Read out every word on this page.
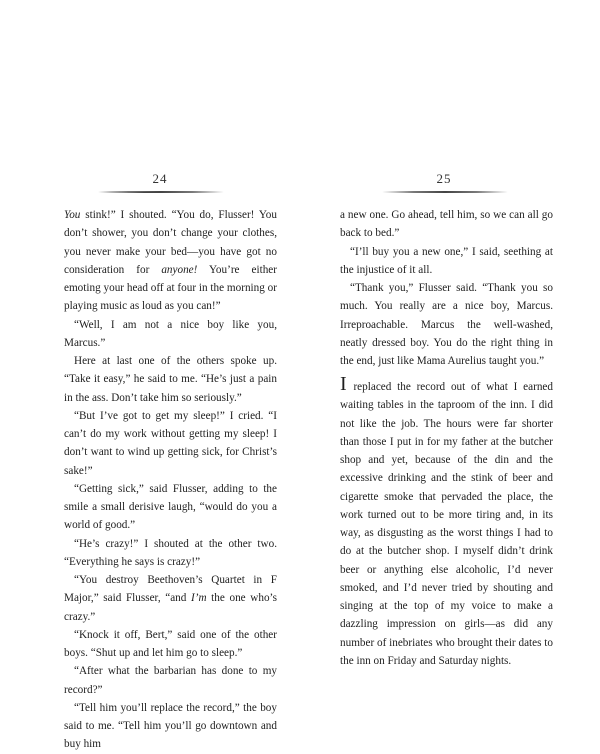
24

You stink!” I shouted. “You do, Flusser! You don’t shower, you don’t change your clothes, you never make your bed—you have got no consideration for anyone! You’re either emoting your head off at four in the morning or playing music as loud as you can!”

“Well, I am not a nice boy like you, Marcus.”

Here at last one of the others spoke up. “Take it easy,” he said to me. “He’s just a pain in the ass. Don’t take him so seriously.”

“But I’ve got to get my sleep!” I cried. “I can’t do my work without getting my sleep! I don’t want to wind up getting sick, for Christ’s sake!”

“Getting sick,” said Flusser, adding to the smile a small derisive laugh, “would do you a world of good.”

“He’s crazy!” I shouted at the other two. “Everything he says is crazy!”

“You destroy Beethoven’s Quartet in F Major,” said Flusser, “and I’m the one who’s crazy.”

“Knock it off, Bert,” said one of the other boys. “Shut up and let him go to sleep.”

“After what the barbarian has done to my record?”

“Tell him you’ll replace the record,” the boy said to me. “Tell him you’ll go downtown and buy him

25

a new one. Go ahead, tell him, so we can all go back to bed.”

“I’ll buy you a new one,” I said, seething at the injustice of it all.

“Thank you,” Flusser said. “Thank you so much. You really are a nice boy, Marcus. Irreproachable. Marcus the well-washed, neatly dressed boy. You do the right thing in the end, just like Mama Aurelius taught you.”

I replaced the record out of what I earned waiting tables in the taproom of the inn. I did not like the job. The hours were far shorter than those I put in for my father at the butcher shop and yet, because of the din and the excessive drinking and the stink of beer and cigarette smoke that pervaded the place, the work turned out to be more tiring and, in its way, as disgusting as the worst things I had to do at the butcher shop. I myself didn’t drink beer or anything else alcoholic, I’d never smoked, and I’d never tried by shouting and singing at the top of my voice to make a dazzling impression on girls—as did any number of inebriates who brought their dates to the inn on Friday and Saturday nights.
